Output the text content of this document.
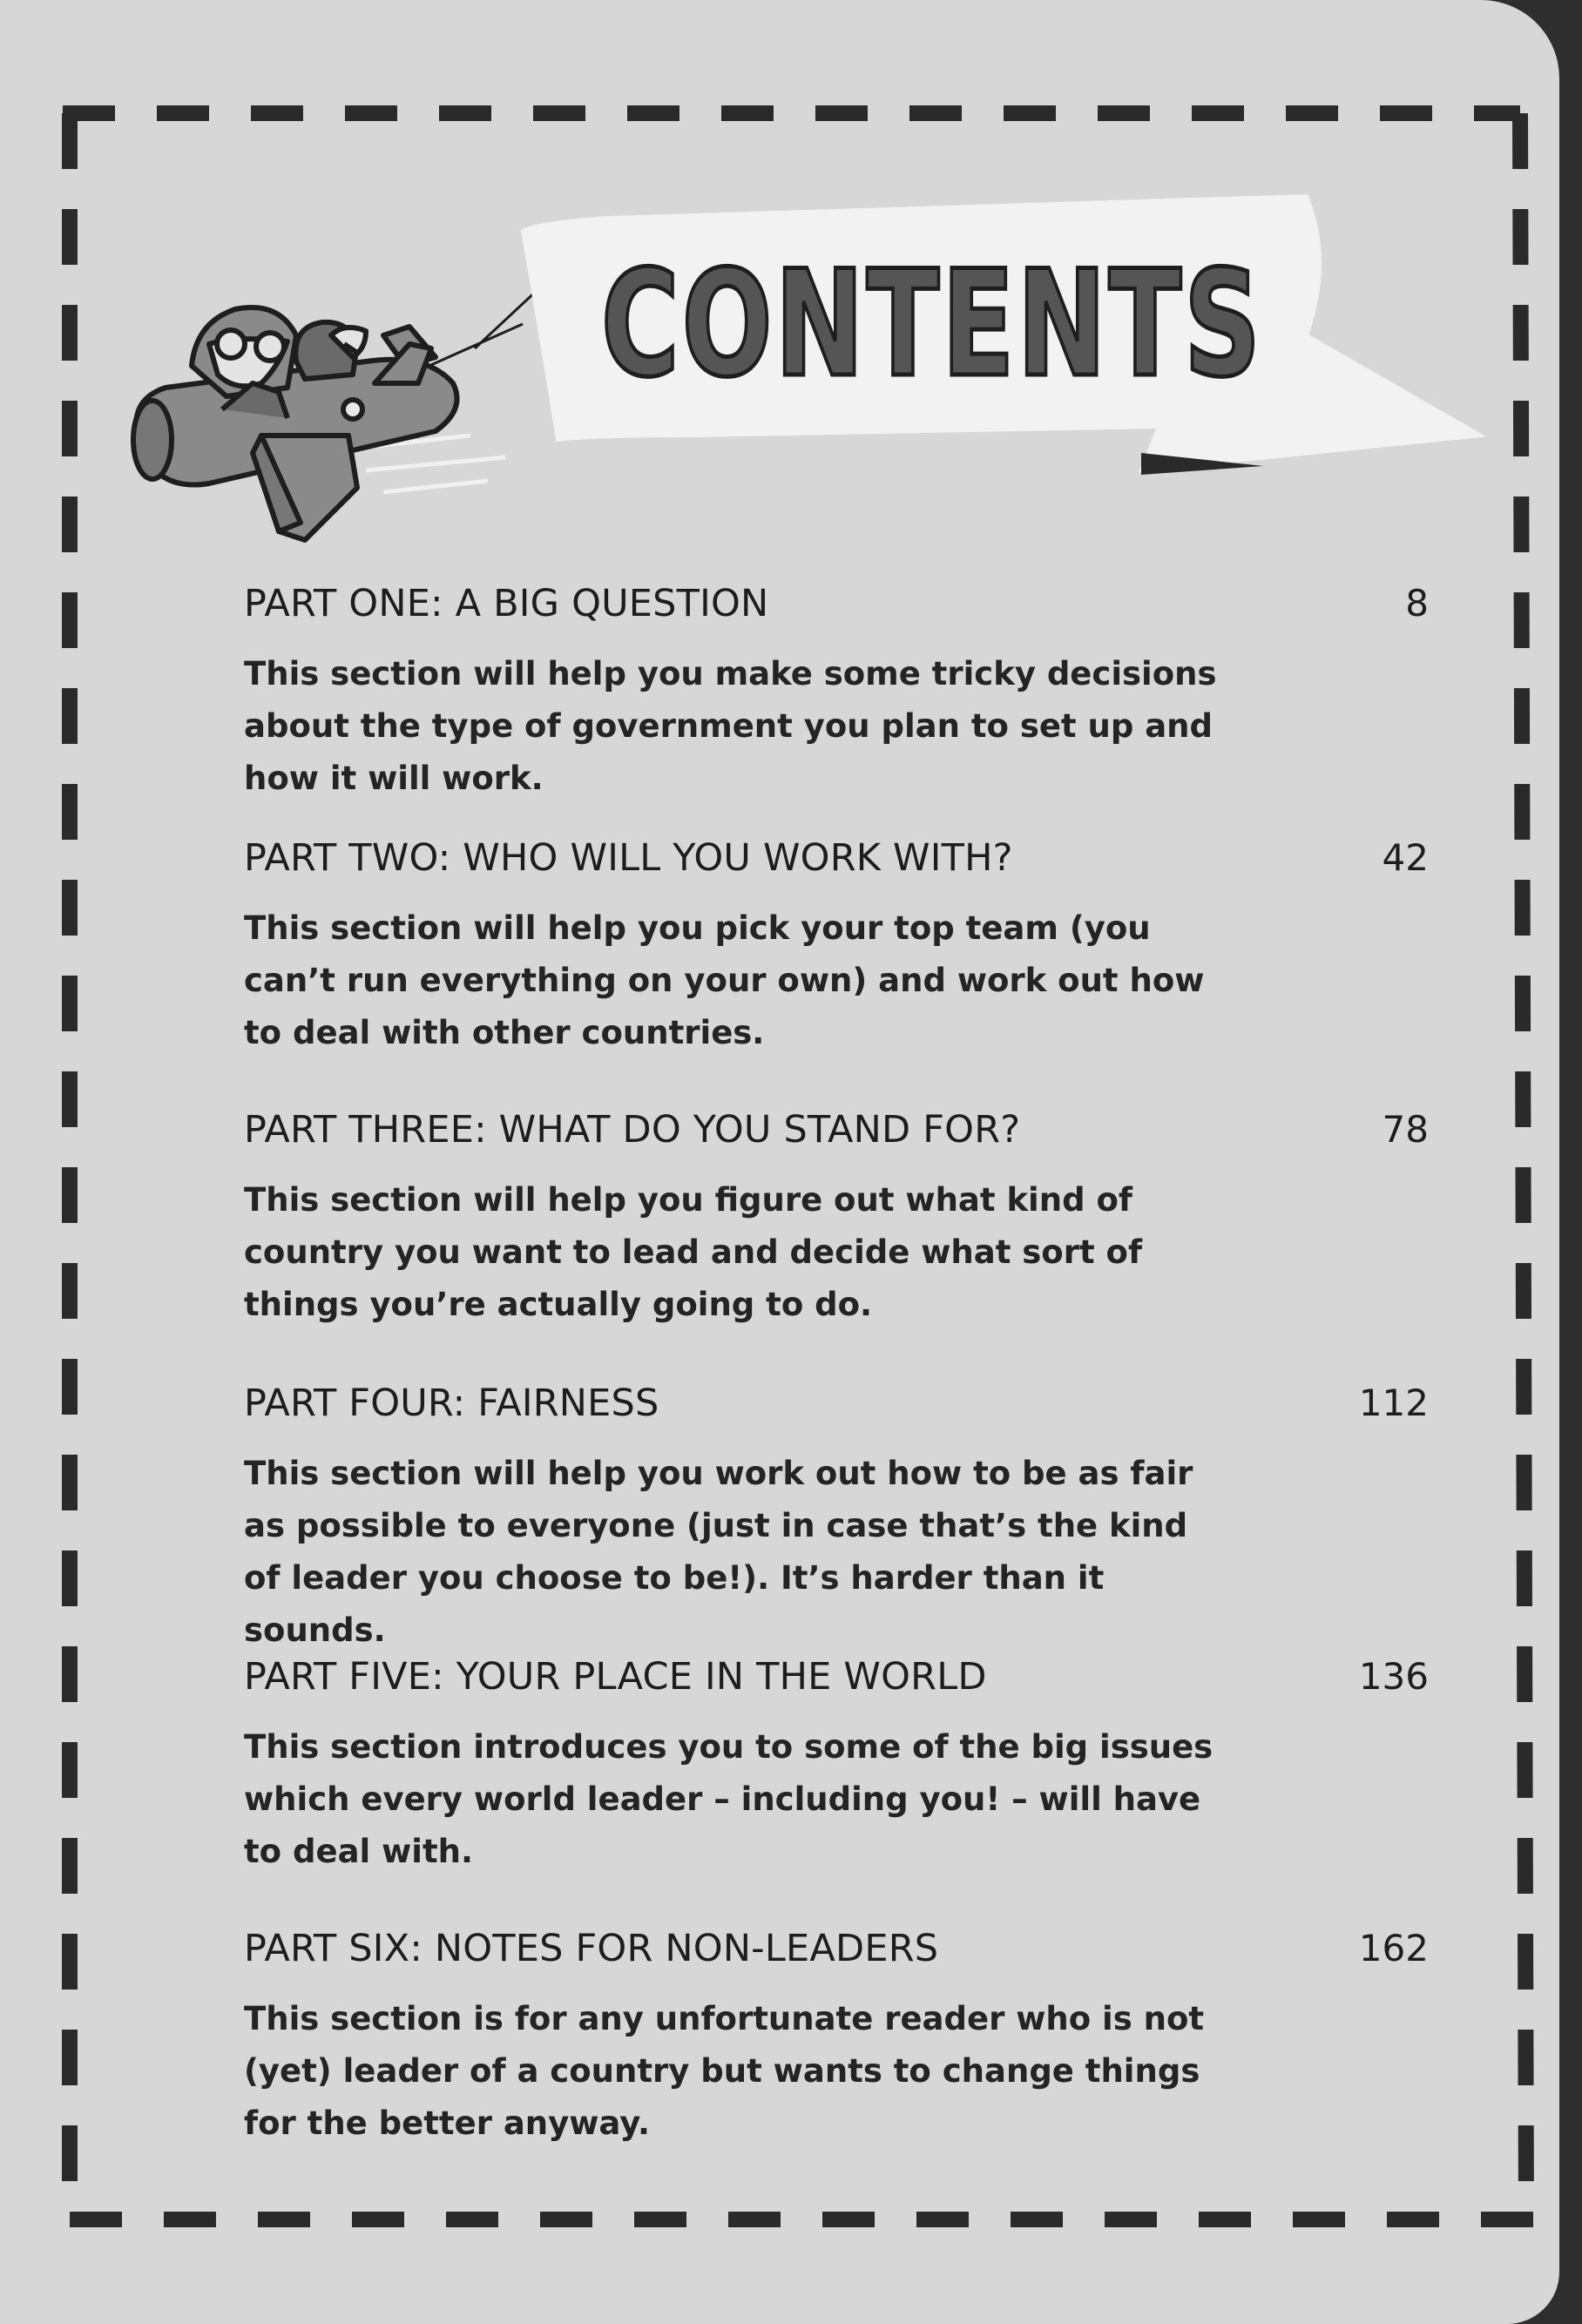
CONTENTS
PART ONE: A BIG QUESTION	8

This section will help you make some tricky decisions about the type of government you plan to set up and how it will work.

PART TWO: WHO WILL YOU WORK WITH?	42

This section will help you pick your top team (you can’t run everything on your own) and work out how to deal with other countries.

PART THREE: WHAT DO YOU STAND FOR?	78

This section will help you figure out what kind of country you want to lead and decide what sort of things you’re actually going to do.

PART FOUR: FAIRNESS	112

This section will help you work out how to be as fair as possible to everyone (just in case that’s the kind of leader you choose to be!). It’s harder than it sounds.

PART FIVE: YOUR PLACE IN THE WORLD	136

This section introduces you to some of the big issues which every world leader – including you! – will have to deal with.

PART SIX: NOTES FOR NON-LEADERS	162

This section is for any unfortunate reader who is not (yet) leader of a country but wants to change things for the better anyway.
